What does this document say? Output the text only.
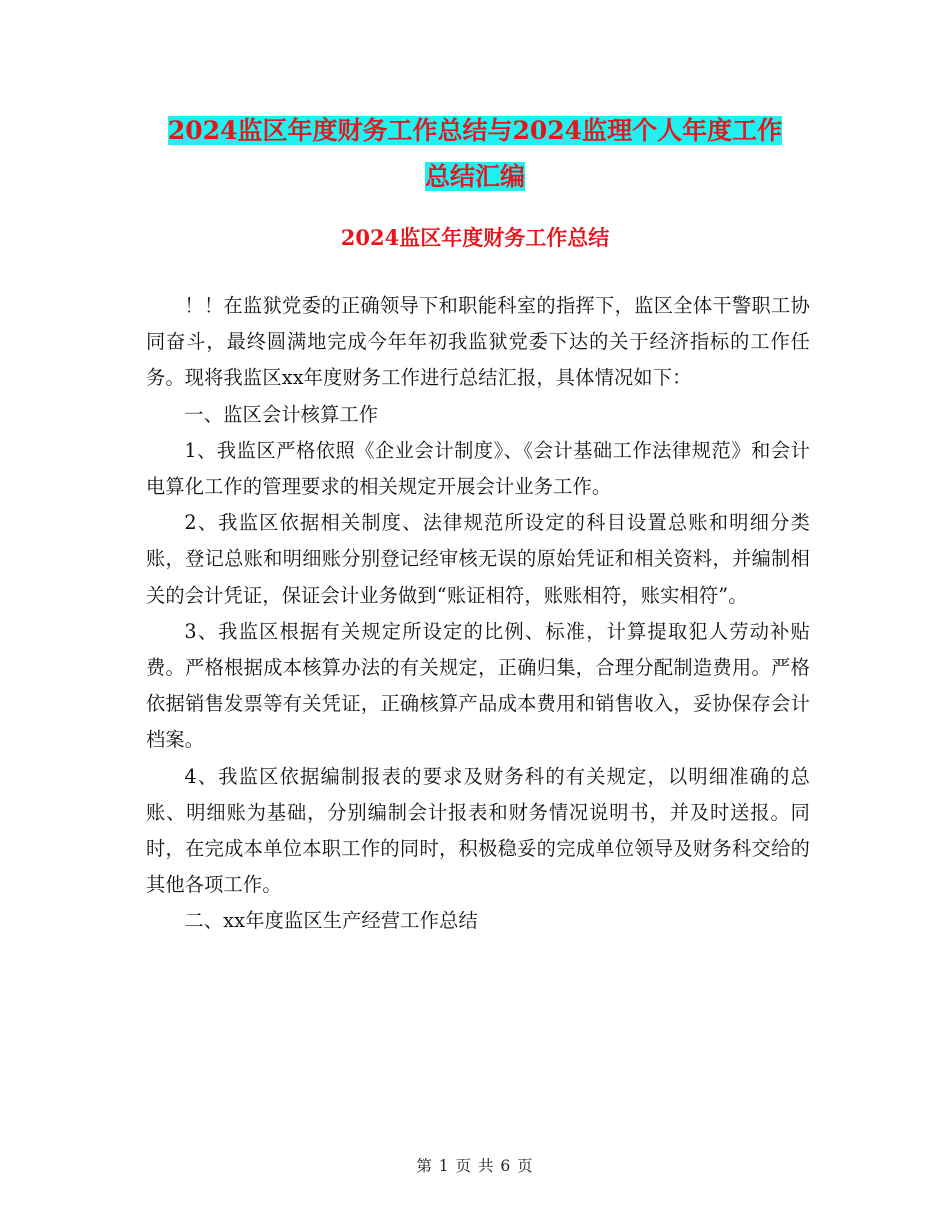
2024监区年度财务工作总结与2024监理个人年度工作
总结汇编
2024监区年度财务工作总结

！！在监狱党委的正确领导下和职能科室的指挥下，监区全体干警职工协同奋斗，最终圆满地完成今年年初我监狱党委下达的关于经济指标的工作任务。现将我监区xx年度财务工作进行总结汇报，具体情况如下：

一、监区会计核算工作

1、我监区严格依照《企业会计制度》、《会计基础工作法律规范》和会计电算化工作的管理要求的相关规定开展会计业务工作。

2、我监区依据相关制度、法律规范所设定的科目设置总账和明细分类账，登记总账和明细账分别登记经审核无误的原始凭证和相关资料，并编制相关的会计凭证，保证会计业务做到“账证相符，账账相符，账实相符”。

3、我监区根据有关规定所设定的比例、标准，计算提取犯人劳动补贴费。严格根据成本核算办法的有关规定，正确归集，合理分配制造费用。严格依据销售发票等有关凭证，正确核算产品成本费用和销售收入，妥协保存会计档案。

4、我监区依据编制报表的要求及财务科的有关规定，以明细准确的总账、明细账为基础，分别编制会计报表和财务情况说明书，并及时送报。同时，在完成本单位本职工作的同时，积极稳妥的完成单位领导及财务科交给的其他各项工作。

二、xx年度监区生产经营工作总结

第 1 页 共 6 页
